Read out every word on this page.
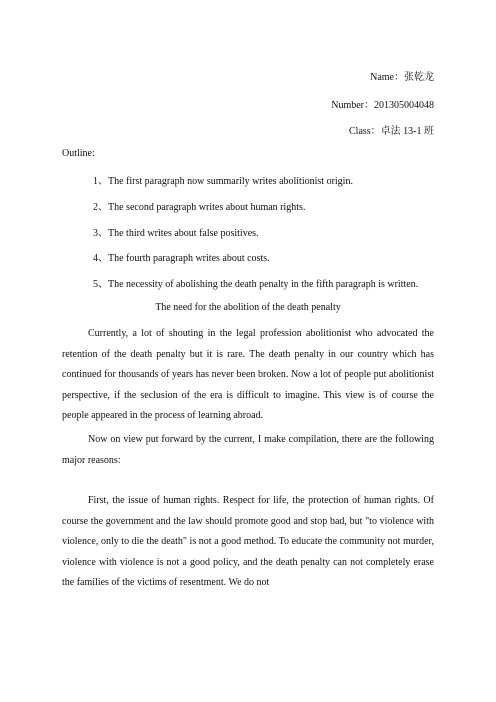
Name：张乾龙
Number：201305004048
Class：卓法 13-1 班
Outline:
1、The first paragraph now summarily writes abolitionist origin.
2、The second paragraph writes about human rights.
3、The third writes about false positives.
4、The fourth paragraph writes about costs.
5、The necessity of abolishing the death penalty in the fifth paragraph is written.
The need for the abolition of the death penalty

Currently, a lot of shouting in the legal profession abolitionist who advocated the retention of the death penalty but it is rare. The death penalty in our country which has continued for thousands of years has never been broken. Now a lot of people put abolitionist perspective, if the seclusion of the era is difficult to imagine. This view is of course the people appeared in the process of learning abroad.

Now on view put forward by the current, I make compilation, there are the following major reasons:

First, the issue of human rights. Respect for life, the protection of human rights. Of course the government and the law should promote good and stop bad, but "to violence with violence, only to die the death" is not a good method. To educate the community not murder, violence with violence is not a good policy, and the death penalty can not completely erase the families of the victims of resentment. We do not
